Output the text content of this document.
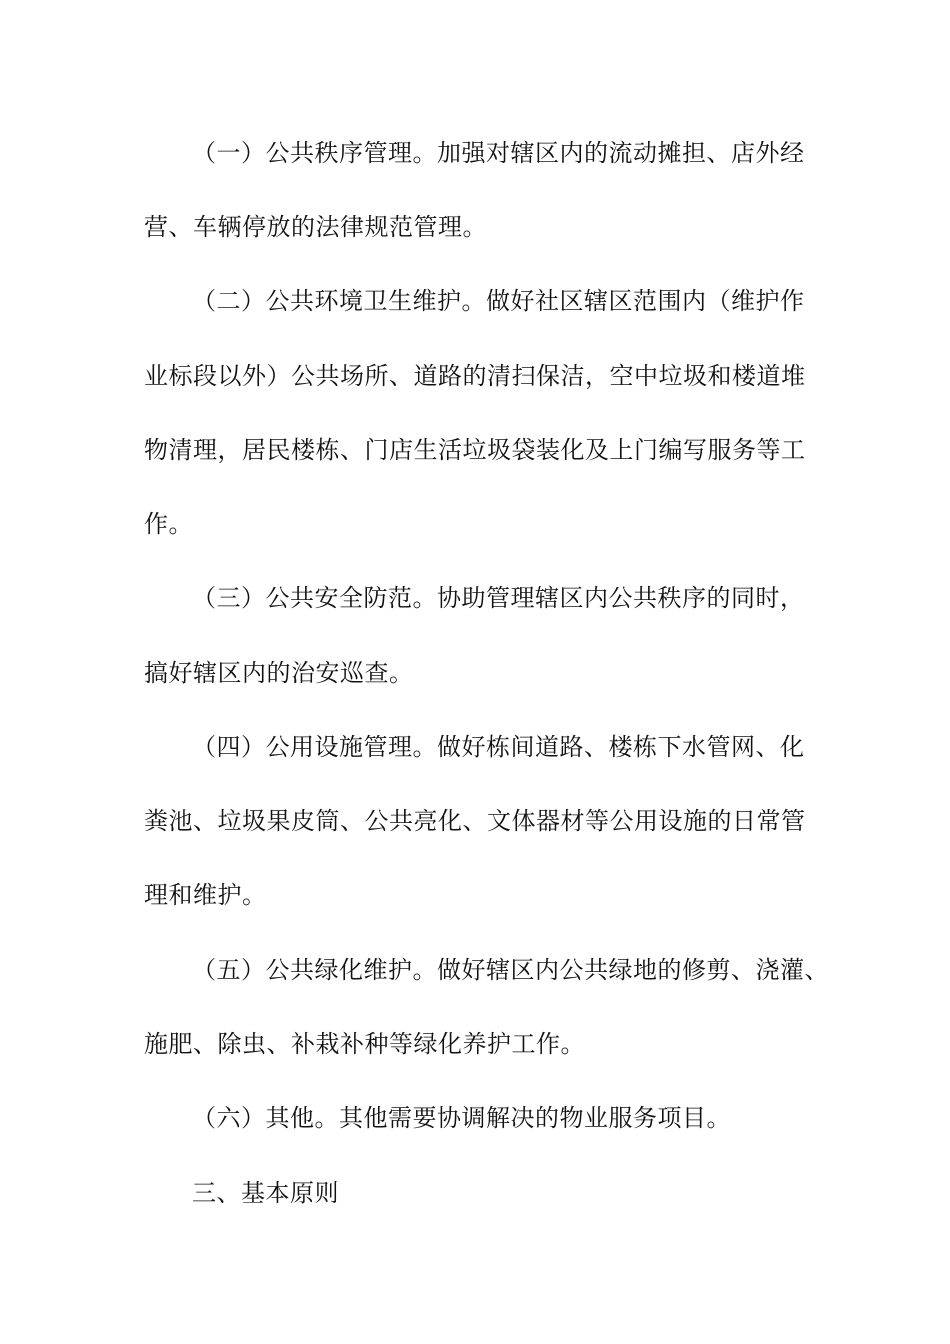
（一）公共秩序管理。加强对辖区内的流动摊担、店外经
营、车辆停放的法律规范管理。
（二）公共环境卫生维护。做好社区辖区范围内（维护作
业标段以外）公共场所、道路的清扫保洁，空中垃圾和楼道堆
物清理，居民楼栋、门店生活垃圾袋装化及上门编写服务等工
作。
（三）公共安全防范。协助管理辖区内公共秩序的同时，
搞好辖区内的治安巡查。
（四）公用设施管理。做好栋间道路、楼栋下水管网、化
粪池、垃圾果皮筒、公共亮化、文体器材等公用设施的日常管
理和维护。
（五）公共绿化维护。做好辖区内公共绿地的修剪、浇灌、
施肥、除虫、补栽补种等绿化养护工作。
（六）其他。其他需要协调解决的物业服务项目。
三、基本原则
